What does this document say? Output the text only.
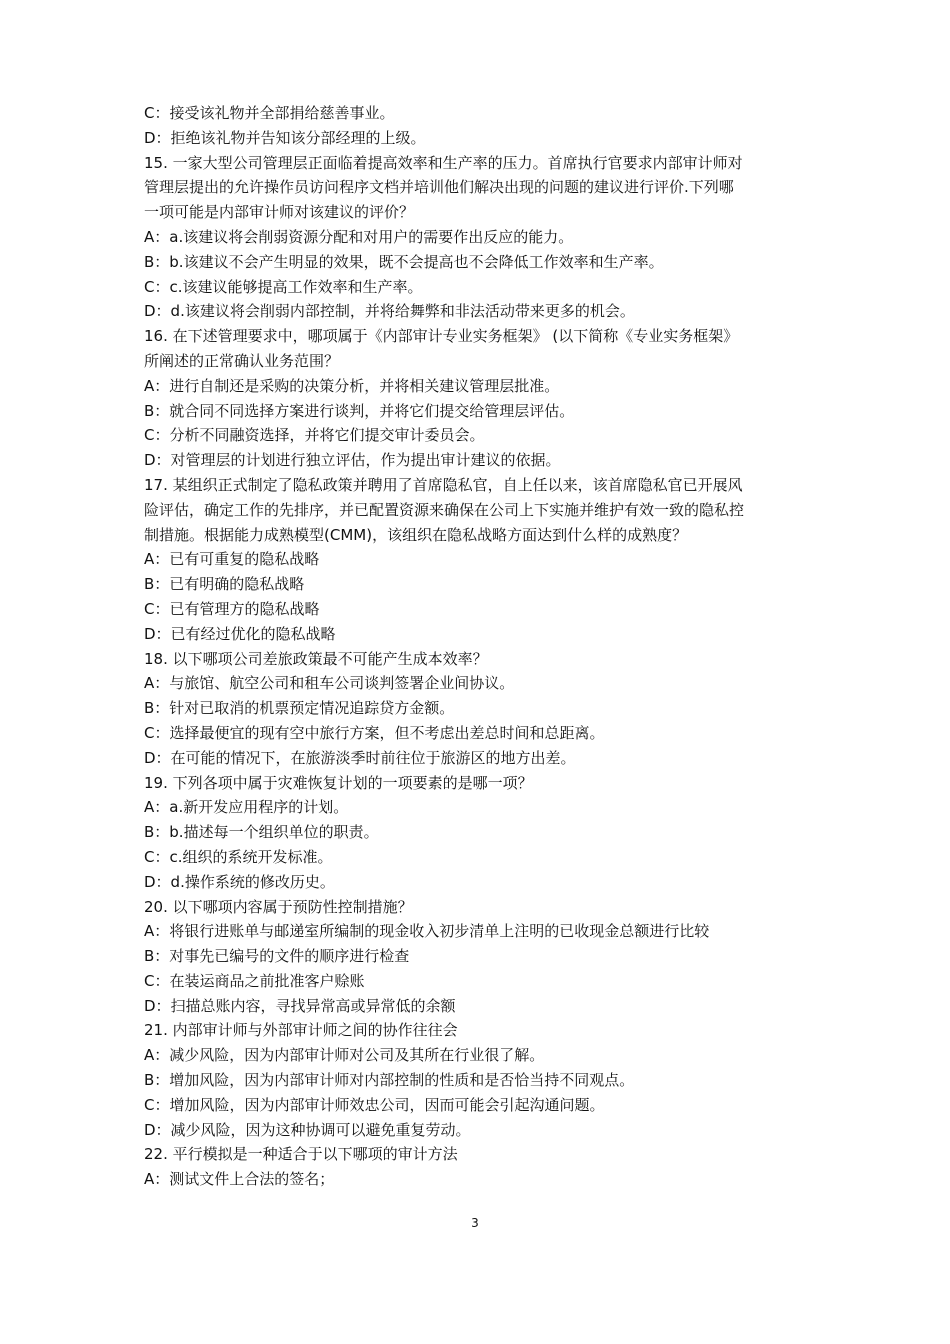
C：接受该礼物并全部捐给慈善事业。
D：拒绝该礼物并告知该分部经理的上级。
15. 一家大型公司管理层正面临着提高效率和生产率的压力。首席执行官要求内部审计师对
管理层提出的允许操作员访问程序文档并培训他们解决出现的问题的建议进行评价.下列哪
一项可能是内部审计师对该建议的评价？
A：a.该建议将会削弱资源分配和对用户的需要作出反应的能力。
B：b.该建议不会产生明显的效果，既不会提高也不会降低工作效率和生产率。
C：c.该建议能够提高工作效率和生产率。
D：d.该建议将会削弱内部控制，并将给舞弊和非法活动带来更多的机会。
16. 在下述管理要求中，哪项属于《内部审计专业实务框架》 (以下简称《专业实务框架》
所阐述的正常确认业务范围？
A：进行自制还是采购的决策分析，并将相关建议管理层批准。
B：就合同不同选择方案进行谈判，并将它们提交给管理层评估。
C：分析不同融资选择，并将它们提交审计委员会。
D：对管理层的计划进行独立评估，作为提出审计建议的依据。
17. 某组织正式制定了隐私政策并聘用了首席隐私官，自上任以来，该首席隐私官已开展风
险评估，确定工作的先排序，并已配置资源来确保在公司上下实施并维护有效一致的隐私控
制措施。根据能力成熟模型(CMM)，该组织在隐私战略方面达到什么样的成熟度？
A：已有可重复的隐私战略
B：已有明确的隐私战略
C：已有管理方的隐私战略
D：已有经过优化的隐私战略
18. 以下哪项公司差旅政策最不可能产生成本效率？
A：与旅馆、航空公司和租车公司谈判签署企业间协议。
B：针对已取消的机票预定情况追踪贷方金额。
C：选择最便宜的现有空中旅行方案，但不考虑出差总时间和总距离。
D：在可能的情况下，在旅游淡季时前往位于旅游区的地方出差。
19. 下列各项中属于灾难恢复计划的一项要素的是哪一项？
A：a.新开发应用程序的计划。
B：b.描述每一个组织单位的职责。
C：c.组织的系统开发标准。
D：d.操作系统的修改历史。
20. 以下哪项内容属于预防性控制措施？
A：将银行进账单与邮递室所编制的现金收入初步清单上注明的已收现金总额进行比较
B：对事先已编号的文件的顺序进行检查
C：在装运商品之前批准客户赊账
D：扫描总账内容，寻找异常高或异常低的余额
21. 内部审计师与外部审计师之间的协作往往会
A：减少风险，因为内部审计师对公司及其所在行业很了解。
B：增加风险，因为内部审计师对内部控制的性质和是否恰当持不同观点。
C：增加风险，因为内部审计师效忠公司，因而可能会引起沟通问题。
D：减少风险，因为这种协调可以避免重复劳动。
22. 平行模拟是一种适合于以下哪项的审计方法
A：测试文件上合法的签名；
3
